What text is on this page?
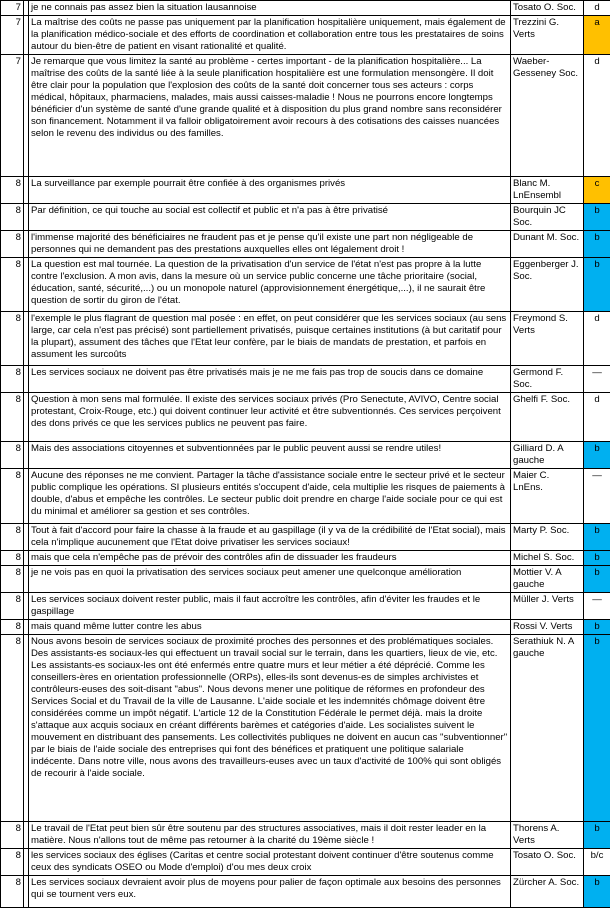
7		je ne connais pas assez bien la situation lausannoise	Tosato O. Soc.	d
7		La maîtrise des coûts ne passe pas uniquement par la planification hospitalière uniquement, mais également de la planification médico-sociale et des efforts de coordination et collaboration entre tous les prestataires de soins autour du bien-être de patient en visant rationalité et qualité.	Trezzini G. Verts	a
7		Je remarque que vous limitez la santé au problème - certes important - de la planification hospitalière... La maîtrise des coûts de la santé liée à la seule planification hospitalière est une formulation mensongère. Il doit être clair pour la population que l'explosion des coûts de la santé doit concerner tous ses acteurs : corps médical, hôpitaux, pharmaciens, malades, mais aussi caisses-maladie ! Nous ne pourrons encore longtemps bénéficier d'un système de santé d'une grande qualité et à disposition du plus grand nombre sans reconsidérer son financement. Notamment il va falloir obligatoirement avoir recours à des cotisations des caisses nuancées selon le revenu des individus ou des familles.	Waeber-Gesseney Soc.	d
8		La surveillance par exemple pourrait être confiée à des organismes privés	Blanc M. LnEnsembl	c
8		Par définition, ce qui touche au social est collectif et public et n'a pas à être privatisé	Bourquin JC Soc.	b
8		l'immense majorité des bénéficiaires ne fraudent pas et je pense qu'il existe une part non négligeable de personnes qui ne demandent pas des prestations auxquelles elles ont légalement droit !	Dunant M. Soc.	b
8		La question est mal tournée. La question de la privatisation d'un service de l'état n'est pas propre à la lutte contre l'exclusion. A mon avis, dans la mesure où un service public concerne une tâche prioritaire (social, éducation, santé, sécurité,...) ou un monopole naturel (approvisionnement énergétique,...), il ne saurait être question de sortir du giron de l'état.	Eggenberger J. Soc.	b
8		l'exemple le plus flagrant de question mal posée : en effet, on peut considérer que les services sociaux (au sens large, car cela n'est pas précisé) sont partiellement privatisés, puisque certaines institutions (à but caritatif pour la plupart), assument des tâches que l'Etat leur confère, par le biais de mandats de prestation, et parfois en assument les surcoûts	Freymond S. Verts	d
8		Les services sociaux ne doivent pas être privatisés mais je ne me fais pas trop de soucis dans ce domaine	Germond F. Soc.	—
8		Question à mon sens mal formulée. Il existe des services sociaux privés (Pro Senectute, AVIVO, Centre social protestant, Croix-Rouge, etc.) qui doivent continuer leur activité et être subventionnés. Ces services perçoivent des dons privés ce que les services publics ne peuvent pas faire.	Ghelfi F. Soc.	d
8		Mais des associations citoyennes et subventionnées par le public peuvent aussi se rendre utiles!	Gilliard D. A gauche	b
8		Aucune des réponses ne me convient. Partager la tâche d'assistance sociale entre le secteur privé et le secteur public complique les opérations. SI plusieurs entités s'occupent d'aide, cela multiplie les risques de paiements à double, d'abus et empêche les contrôles. Le secteur public doit prendre en charge l'aide sociale pour ce qui est du minimal et améliorer sa gestion et ses contrôles.	Maier C. LnEns.	—
8		Tout à fait d'accord pour faire la chasse à la fraude et au gaspillage (il y va de la crédibilité de l'Etat social), mais cela n'implique aucunement que l'Etat doive privatiser les services sociaux!	Marty P. Soc.	b
8		mais que cela n'empêche pas de prévoir des contrôles afin de dissuader les fraudeurs	Michel S. Soc.	b
8		je ne vois pas en quoi la privatisation des services sociaux peut amener une quelconque amélioration	Mottier V. A gauche	b
8		Les services sociaux doivent rester public, mais il faut accroître les contrôles, afin d'éviter les fraudes et le gaspillage	Müller J. Verts	—
8		mais quand même lutter contre les abus	Rossi V. Verts	b
8		Nous avons besoin de services sociaux de proximité proches des personnes et des problématiques sociales. Des assistants-es sociaux-les qui effectuent un travail social sur le terrain, dans les quartiers, lieux de vie, etc. Les assistants-es sociaux-les ont été enfermés entre quatre murs et leur métier a été déprécié. Comme les conseillers-ères en orientation professionnelle (ORPs), elles-ils sont devenus-es de simples archivistes et contrôleurs-euses des soit-disant "abus". Nous devons mener une politique de réformes en profondeur des Services Social et du Travail de la ville de Lausanne. L'aide sociale et les indemnités chômage doivent être considérées comme un impôt négatif. L'article 12 de la Constitution Fédérale le permet déjà. mais la droite s'attaque aux acquis sociaux en créant différents barèmes et catégories d'aide. Les socialistes suivent le mouvement en distribuant des pansements. Les collectivités publiques ne doivent en aucun cas "subventionner" par le biais de l'aide sociale des entreprises qui font des bénéfices et pratiquent une politique salariale indécente. Dans notre ville, nous avons des travailleurs-euses avec un taux d'activité de 100% qui sont obligés de recourir à l'aide sociale.	Serathiuk N. A gauche	b
8		Le travail de l'Etat peut bien sûr être soutenu par des structures associatives, mais il doit rester leader en la matière. Nous n'allons tout de même pas retourner à la charité du 19ème siècle !	Thorens A. Verts	b
8		les services sociaux des églises (Caritas et centre social protestant doivent continuer d'être soutenus comme ceux des syndicats OSEO ou Mode d'emploi) d'ou mes deux croix	Tosato O. Soc.	b/c
8		Les services sociaux devraient avoir plus de moyens pour palier de façon optimale aux besoins des personnes qui se tournent vers eux.	Zürcher A. Soc.	b
